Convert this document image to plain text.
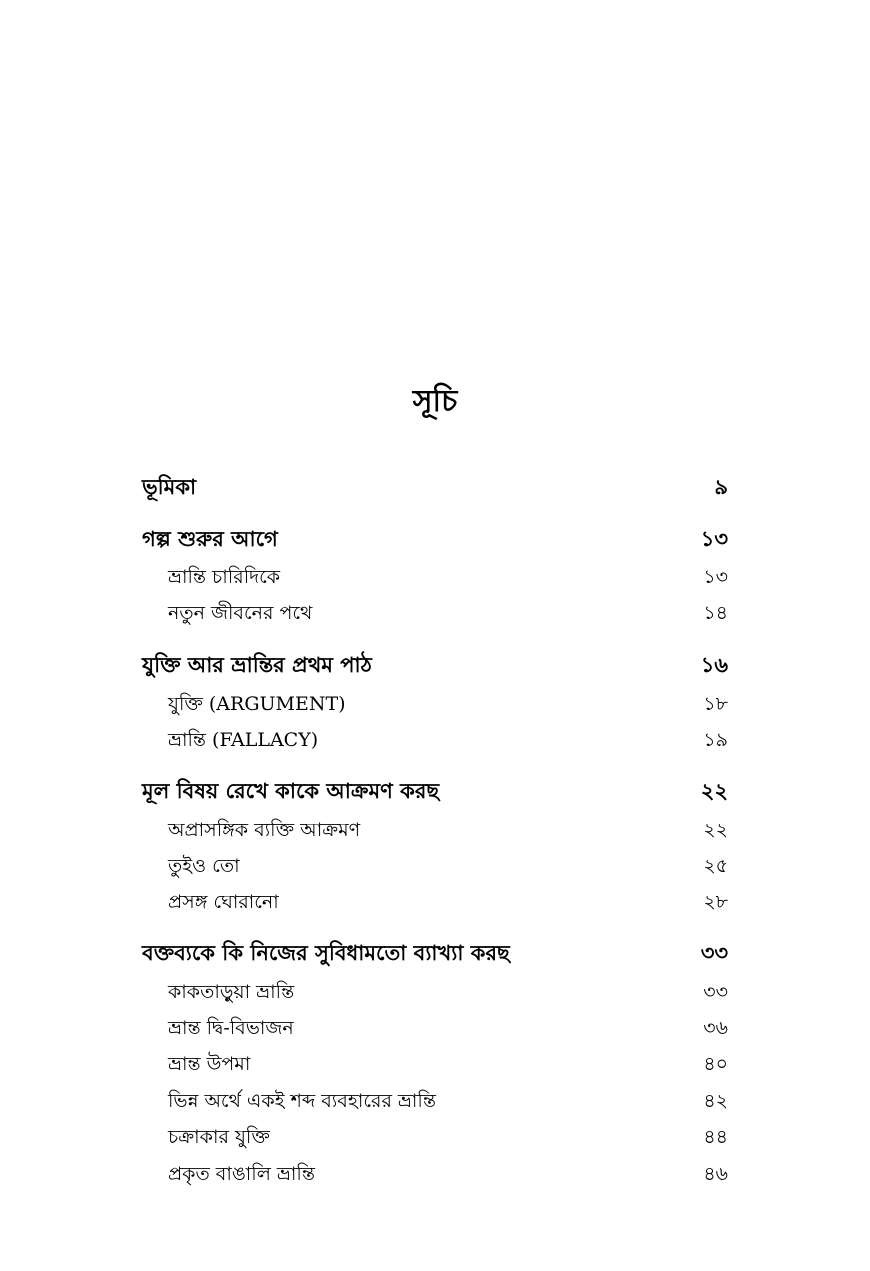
সূচি
ভূমিকা	৯
গল্প শুরুর আগে	১৩
ভ্রান্তি চারিদিকে	১৩
নতুন জীবনের পথে	১৪
যুক্তি আর ভ্রান্তির প্রথম পাঠ	১৬
যুক্তি (ARGUMENT)	১৮
ভ্রান্তি (FALLACY)	১৯
মূল বিষয় রেখে কাকে আক্রমণ করছ	২২
অপ্রাসঙ্গিক ব্যক্তি আক্রমণ	২২
তুইও তো	২৫
প্রসঙ্গ ঘোরানো	২৮
বক্তব্যকে কি নিজের সুবিধামতো ব্যাখ্যা করছ	৩৩
কাকতাড়ুয়া ভ্রান্তি	৩৩
ভ্রান্ত দ্বি-বিভাজন	৩৬
ভ্রান্ত উপমা	৪০
ভিন্ন অর্থে একই শব্দ ব্যবহারের ভ্রান্তি	৪২
চক্রাকার যুক্তি	৪৪
প্রকৃত বাঙালি ভ্রান্তি	৪৬
